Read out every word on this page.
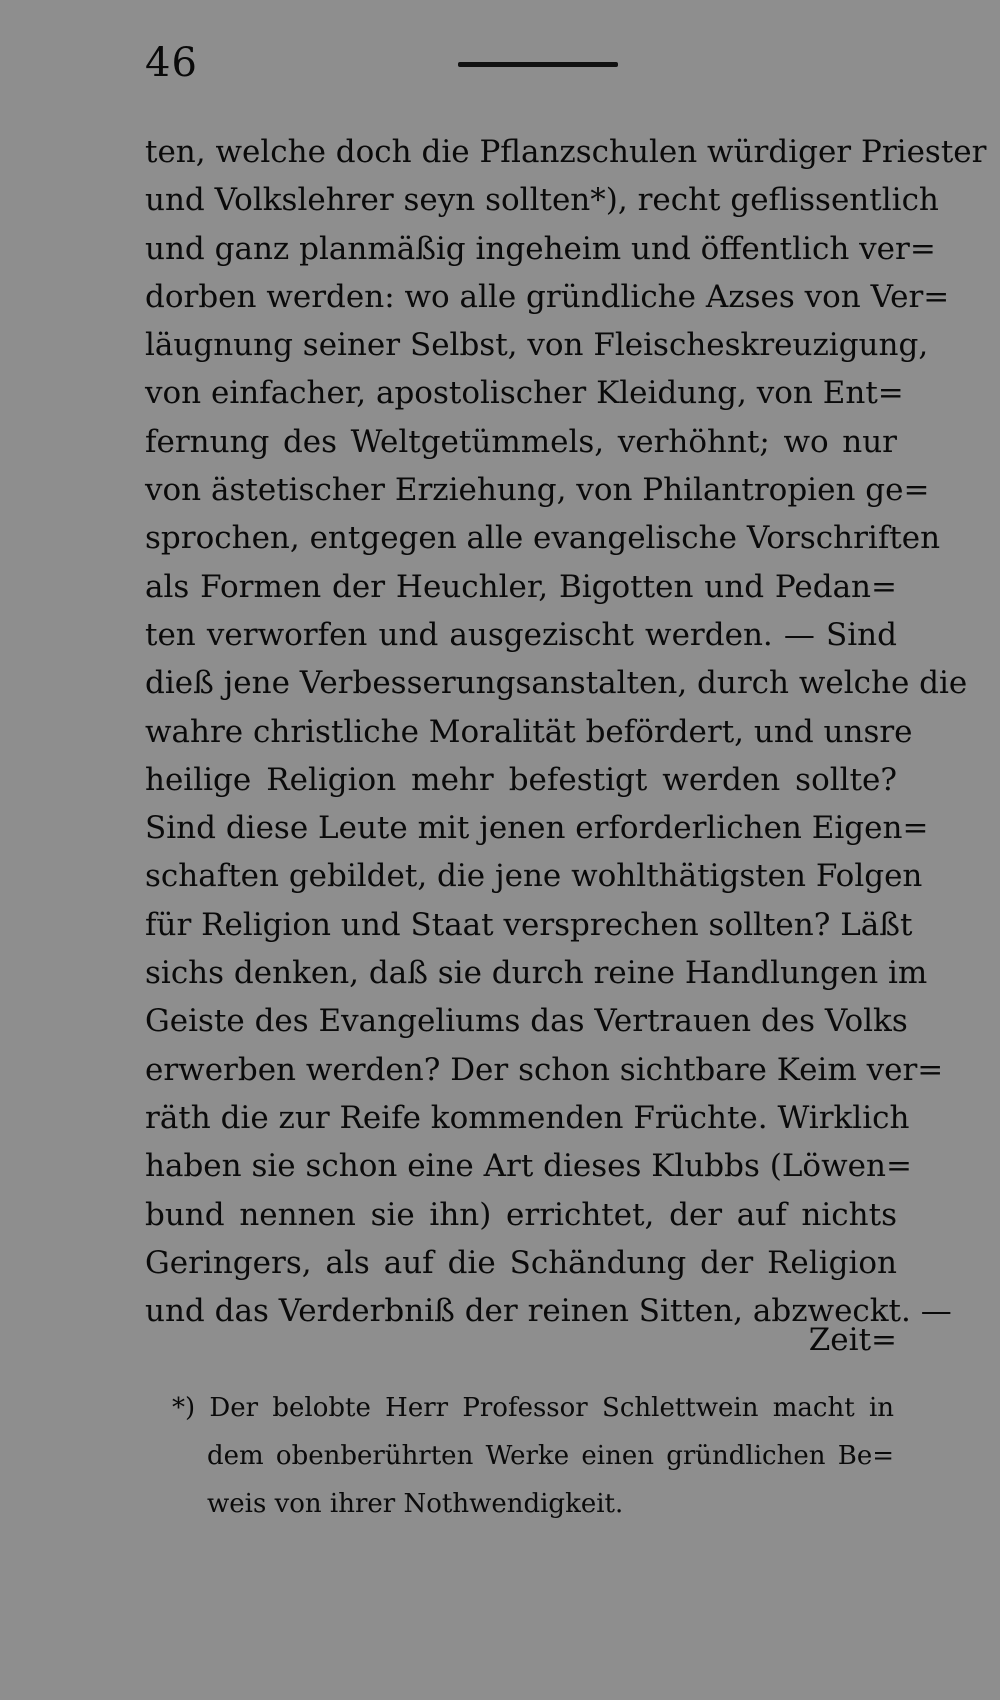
46
ten, welche doch die Pflanzschulen würdiger Priester
und Volkslehrer seyn sollten*), recht geflissentlich
und ganz planmäßig ingeheim und öffentlich ver=
dorben werden: wo alle gründliche Azses von Ver=
läugnung seiner Selbst, von Fleischeskreuzigung,
von einfacher, apostolischer Kleidung, von Ent=
fernung des Weltgetümmels, verhöhnt; wo nur
von ästetischer Erziehung, von Philantropien ge=
sprochen, entgegen alle evangelische Vorschriften
als Formen der Heuchler, Bigotten und Pedan=
ten verworfen und ausgezischt werden. — Sind
dieß jene Verbesserungsanstalten, durch welche die
wahre christliche Moralität befördert, und unsre
heilige Religion mehr befestigt werden sollte?
Sind diese Leute mit jenen erforderlichen Eigen=
schaften gebildet, die jene wohlthätigsten Folgen
für Religion und Staat versprechen sollten? Läßt
sichs denken, daß sie durch reine Handlungen im
Geiste des Evangeliums das Vertrauen des Volks
erwerben werden? Der schon sichtbare Keim ver=
räth die zur Reife kommenden Früchte. Wirklich
haben sie schon eine Art dieses Klubbs (Löwen=
bund nennen sie ihn) errichtet, der auf nichts
Geringers, als auf die Schändung der Religion
und das Verderbniß der reinen Sitten, abzweckt. —
Zeit=
*) Der belobte Herr Professor Schlettwein macht in
dem obenberührten Werke einen gründlichen Be=
weis von ihrer Nothwendigkeit.
